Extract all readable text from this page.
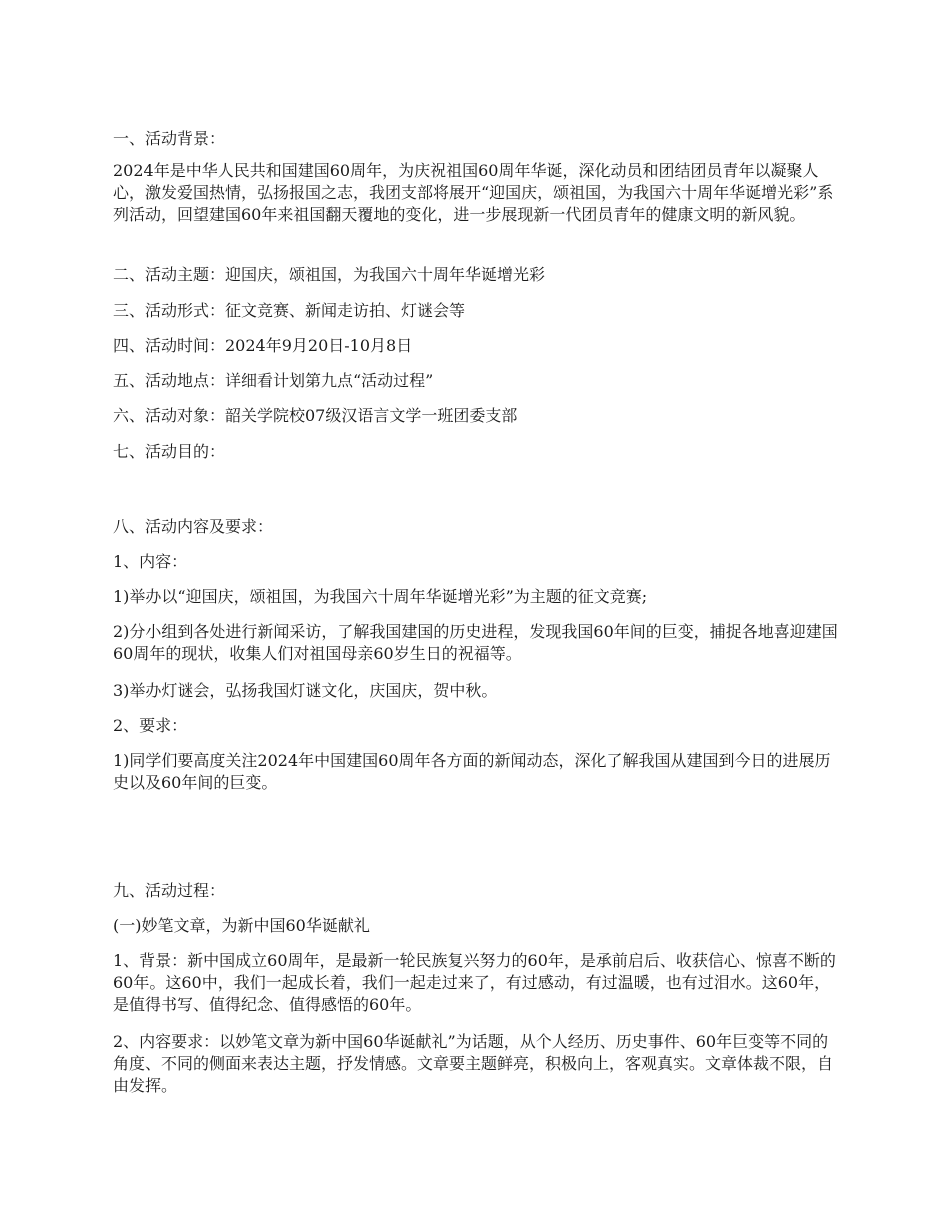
一、活动背景：

2024年是中华人民共和国建国60周年，为庆祝祖国60周年华诞，深化动员和团结团员青年以凝聚人心，激发爱国热情，弘扬报国之志，我团支部将展开“迎国庆，颂祖国，为我国六十周年华诞增光彩”系列活动，回望建国60年来祖国翻天覆地的变化，进一步展现新一代团员青年的健康文明的新风貌。

二、活动主题：迎国庆，颂祖国，为我国六十周年华诞增光彩

三、活动形式：征文竞赛、新闻走访拍、灯谜会等

四、活动时间：2024年9月20日-10月8日

五、活动地点：详细看计划第九点“活动过程”

六、活动对象：韶关学院校07级汉语言文学一班团委支部

七、活动目的：

八、活动内容及要求：

1、内容：

1)举办以“迎国庆，颂祖国，为我国六十周年华诞增光彩”为主题的征文竞赛;

2)分小组到各处进行新闻采访，了解我国建国的历史进程，发现我国60年间的巨变，捕捉各地喜迎建国60周年的现状，收集人们对祖国母亲60岁生日的祝福等。

3)举办灯谜会，弘扬我国灯谜文化，庆国庆，贺中秋。

2、要求：

1)同学们要高度关注2024年中国建国60周年各方面的新闻动态，深化了解我国从建国到今日的进展历史以及60年间的巨变。

九、活动过程：

(一)妙笔文章，为新中国60华诞献礼

1、背景：新中国成立60周年，是最新一轮民族复兴努力的60年，是承前启后、收获信心、惊喜不断的60年。这60中，我们一起成长着，我们一起走过来了，有过感动，有过温暖，也有过泪水。这60年，是值得书写、值得纪念、值得感悟的60年。

2、内容要求：以妙笔文章为新中国60华诞献礼”为话题，从个人经历、历史事件、60年巨变等不同的角度、不同的侧面来表达主题，抒发情感。文章要主题鲜亮，积极向上，客观真实。文章体裁不限，自由发挥。
